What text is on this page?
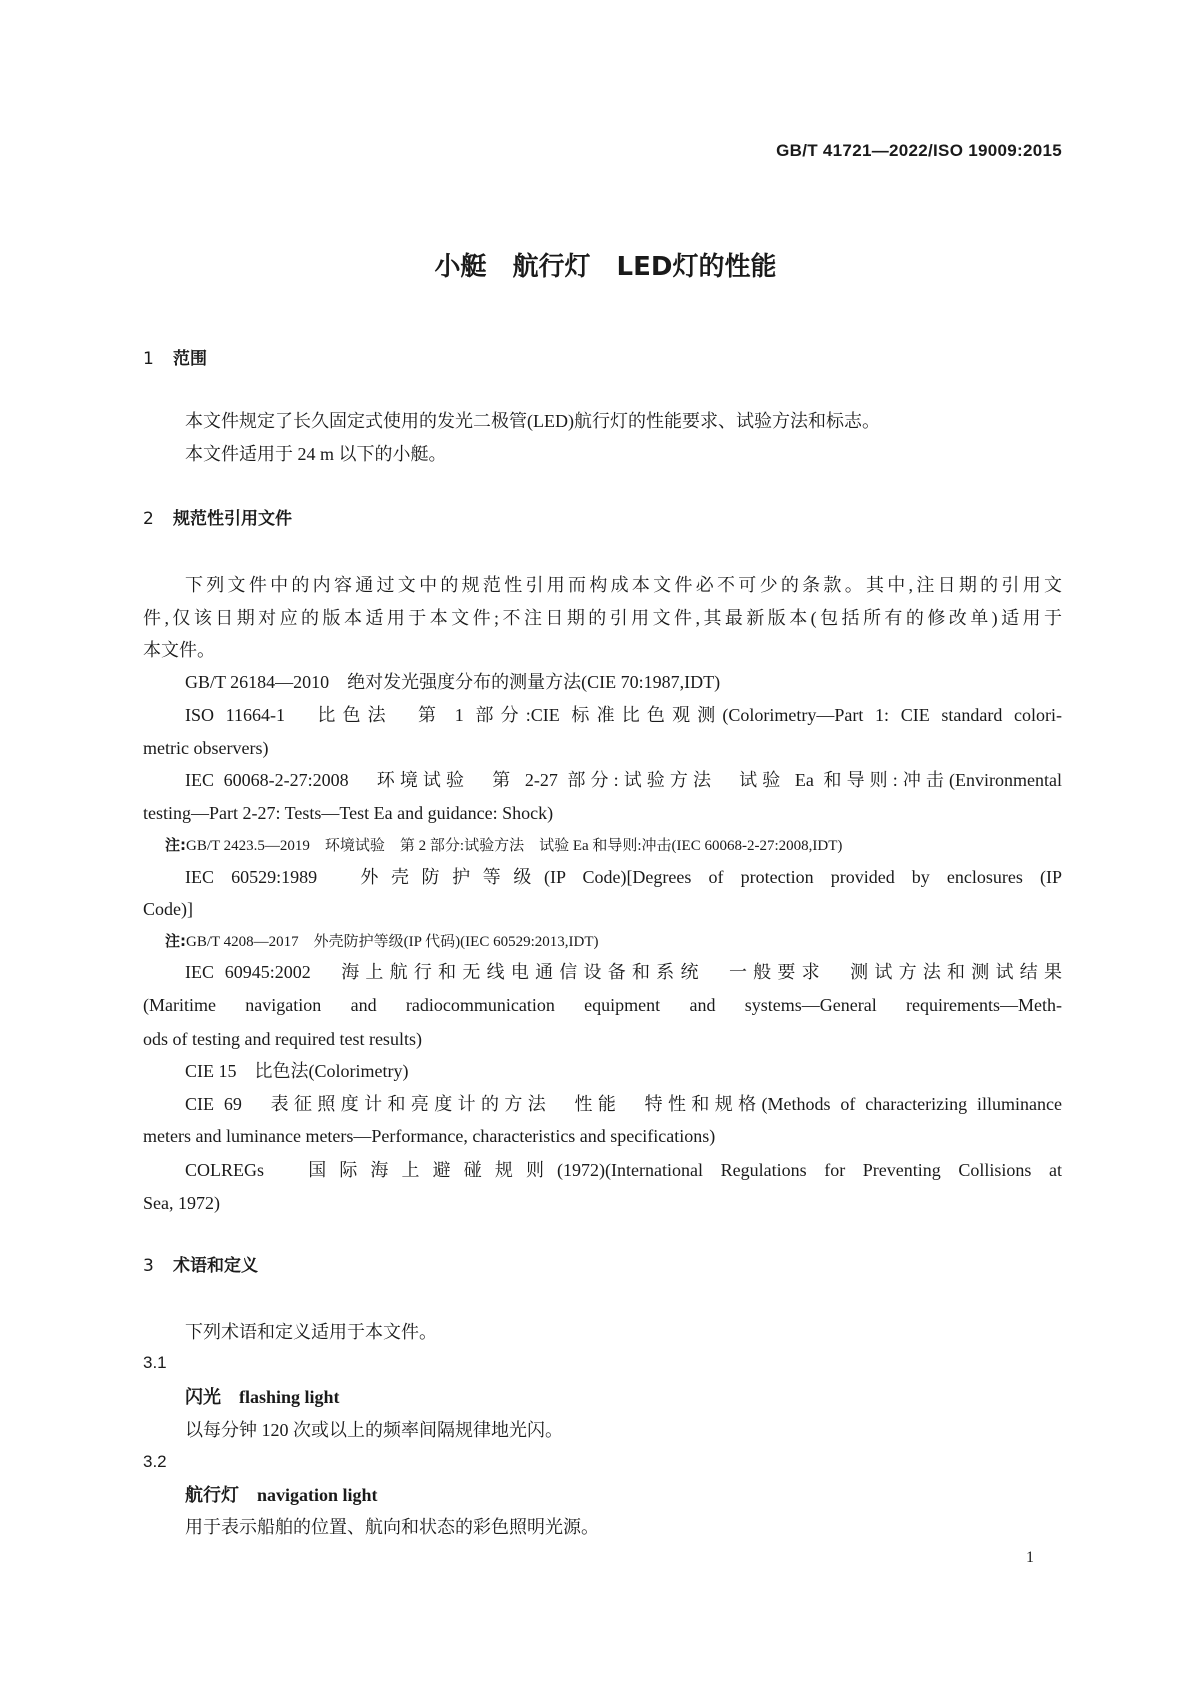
GB/T 41721—2022/ISO 19009:2015
小艇　航行灯　LED灯的性能
1 范围
本文件规定了长久固定式使用的发光二极管(LED)航行灯的性能要求、试验方法和标志。
本文件适用于 24 m 以下的小艇。
2 规范性引用文件
下列文件中的内容通过文中的规范性引用而构成本文件必不可少的条款。其中,注日期的引用文
件,仅该日期对应的版本适用于本文件;不注日期的引用文件,其最新版本(包括所有的修改单)适用于
本文件。
GB/T 26184—2010　绝对发光强度分布的测量方法(CIE 70:1987,IDT)
ISO 11664-1　比色法　第 1 部分:CIE 标准比色观测(Colorimetry—Part 1: CIE standard colori-
metric observers)
IEC 60068-2-27:2008　环境试验　第 2-27 部分:试验方法　试验 Ea 和导则:冲击(Environmental
testing—Part 2-27: Tests—Test Ea and guidance: Shock)
注:GB/T 2423.5—2019　环境试验　第 2 部分:试验方法　试验 Ea 和导则:冲击(IEC 60068-2-27:2008,IDT)
IEC 60529:1989　外壳防护等级(IP Code)[Degrees of protection provided by enclosures (IP
Code)]
注:GB/T 4208—2017　外壳防护等级(IP 代码)(IEC 60529:2013,IDT)
IEC 60945:2002　海上航行和无线电通信设备和系统　一般要求　测试方法和测试结果
(Maritime navigation and radiocommunication equipment and systems—General requirements—Meth-
ods of testing and required test results)
CIE 15　比色法(Colorimetry)
CIE 69　表征照度计和亮度计的方法　性能　特性和规格(Methods of characterizing illuminance
meters and luminance meters—Performance, characteristics and specifications)
COLREGs　国际海上避碰规则(1972)(International Regulations for Preventing Collisions at
Sea, 1972)
3 术语和定义
下列术语和定义适用于本文件。
3.1
闪光　flashing light
以每分钟 120 次或以上的频率间隔规律地光闪。
3.2
航行灯　navigation light
用于表示船舶的位置、航向和状态的彩色照明光源。
1
